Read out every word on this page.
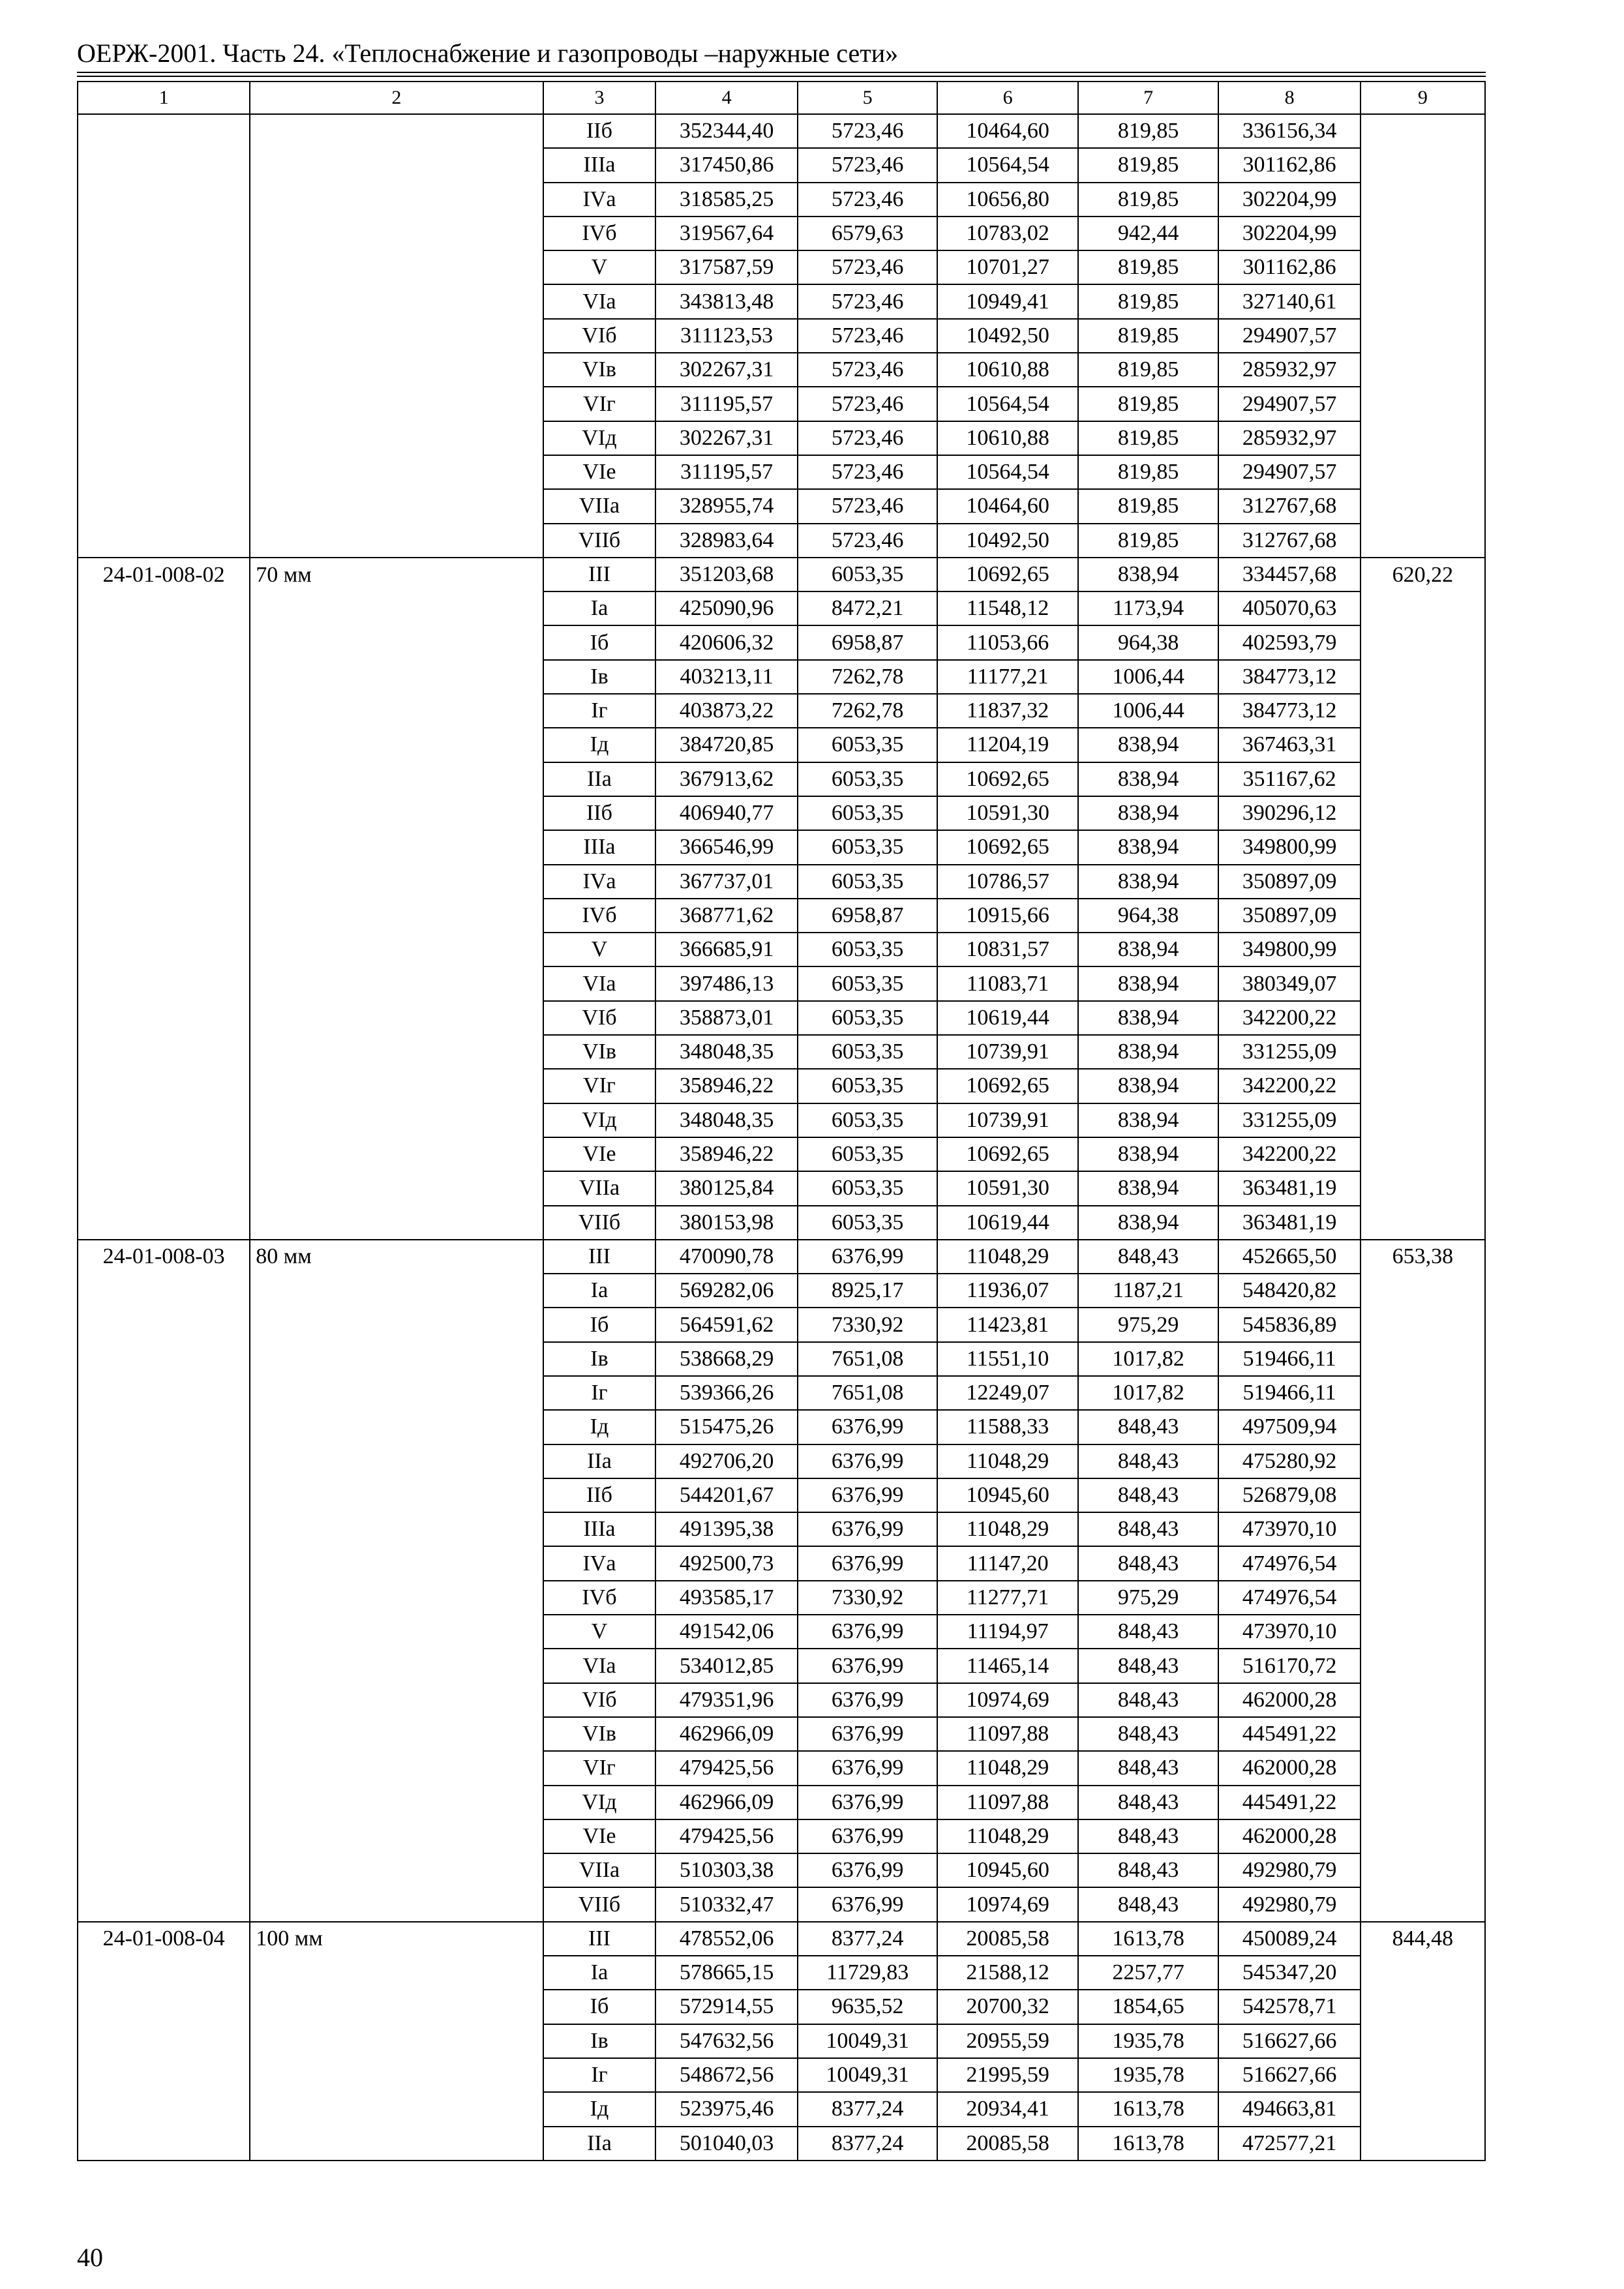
ОЕРЖ-2001. Часть 24. «Теплоснабжение и газопроводы –наружные сети»
1	2	3	4	5	6	7	8	9
		IIб	352344,40	5723,46	10464,60	819,85	336156,34	
		IIIа	317450,86	5723,46	10564,54	819,85	301162,86	
		IVа	318585,25	5723,46	10656,80	819,85	302204,99	
		IVб	319567,64	6579,63	10783,02	942,44	302204,99	
		V	317587,59	5723,46	10701,27	819,85	301162,86	
		VIа	343813,48	5723,46	10949,41	819,85	327140,61	
		VIб	311123,53	5723,46	10492,50	819,85	294907,57	
		VIв	302267,31	5723,46	10610,88	819,85	285932,97	
		VIг	311195,57	5723,46	10564,54	819,85	294907,57	
		VIд	302267,31	5723,46	10610,88	819,85	285932,97	
		VIе	311195,57	5723,46	10564,54	819,85	294907,57	
		VIIа	328955,74	5723,46	10464,60	819,85	312767,68	
		VIIб	328983,64	5723,46	10492,50	819,85	312767,68	
24-01-008-02	70 мм	III	351203,68	6053,35	10692,65	838,94	334457,68	620,22
		Iа	425090,96	8472,21	11548,12	1173,94	405070,63	
		Iб	420606,32	6958,87	11053,66	964,38	402593,79	
		Iв	403213,11	7262,78	11177,21	1006,44	384773,12	
		Iг	403873,22	7262,78	11837,32	1006,44	384773,12	
		Iд	384720,85	6053,35	11204,19	838,94	367463,31	
		IIа	367913,62	6053,35	10692,65	838,94	351167,62	
		IIб	406940,77	6053,35	10591,30	838,94	390296,12	
		IIIа	366546,99	6053,35	10692,65	838,94	349800,99	
		IVа	367737,01	6053,35	10786,57	838,94	350897,09	
		IVб	368771,62	6958,87	10915,66	964,38	350897,09	
		V	366685,91	6053,35	10831,57	838,94	349800,99	
		VIа	397486,13	6053,35	11083,71	838,94	380349,07	
		VIб	358873,01	6053,35	10619,44	838,94	342200,22	
		VIв	348048,35	6053,35	10739,91	838,94	331255,09	
		VIг	358946,22	6053,35	10692,65	838,94	342200,22	
		VIд	348048,35	6053,35	10739,91	838,94	331255,09	
		VIе	358946,22	6053,35	10692,65	838,94	342200,22	
		VIIа	380125,84	6053,35	10591,30	838,94	363481,19	
		VIIб	380153,98	6053,35	10619,44	838,94	363481,19	
24-01-008-03	80 мм	III	470090,78	6376,99	11048,29	848,43	452665,50	653,38
		Iа	569282,06	8925,17	11936,07	1187,21	548420,82	
		Iб	564591,62	7330,92	11423,81	975,29	545836,89	
		Iв	538668,29	7651,08	11551,10	1017,82	519466,11	
		Iг	539366,26	7651,08	12249,07	1017,82	519466,11	
		Iд	515475,26	6376,99	11588,33	848,43	497509,94	
		IIа	492706,20	6376,99	11048,29	848,43	475280,92	
		IIб	544201,67	6376,99	10945,60	848,43	526879,08	
		IIIа	491395,38	6376,99	11048,29	848,43	473970,10	
		IVа	492500,73	6376,99	11147,20	848,43	474976,54	
		IVб	493585,17	7330,92	11277,71	975,29	474976,54	
		V	491542,06	6376,99	11194,97	848,43	473970,10	
		VIа	534012,85	6376,99	11465,14	848,43	516170,72	
		VIб	479351,96	6376,99	10974,69	848,43	462000,28	
		VIв	462966,09	6376,99	11097,88	848,43	445491,22	
		VIг	479425,56	6376,99	11048,29	848,43	462000,28	
		VIд	462966,09	6376,99	11097,88	848,43	445491,22	
		VIе	479425,56	6376,99	11048,29	848,43	462000,28	
		VIIа	510303,38	6376,99	10945,60	848,43	492980,79	
		VIIб	510332,47	6376,99	10974,69	848,43	492980,79	
24-01-008-04	100 мм	III	478552,06	8377,24	20085,58	1613,78	450089,24	844,48
		Iа	578665,15	11729,83	21588,12	2257,77	545347,20	
		Iб	572914,55	9635,52	20700,32	1854,65	542578,71	
		Iв	547632,56	10049,31	20955,59	1935,78	516627,66	
		Iг	548672,56	10049,31	21995,59	1935,78	516627,66	
		Iд	523975,46	8377,24	20934,41	1613,78	494663,81	
		IIа	501040,03	8377,24	20085,58	1613,78	472577,21	
40
